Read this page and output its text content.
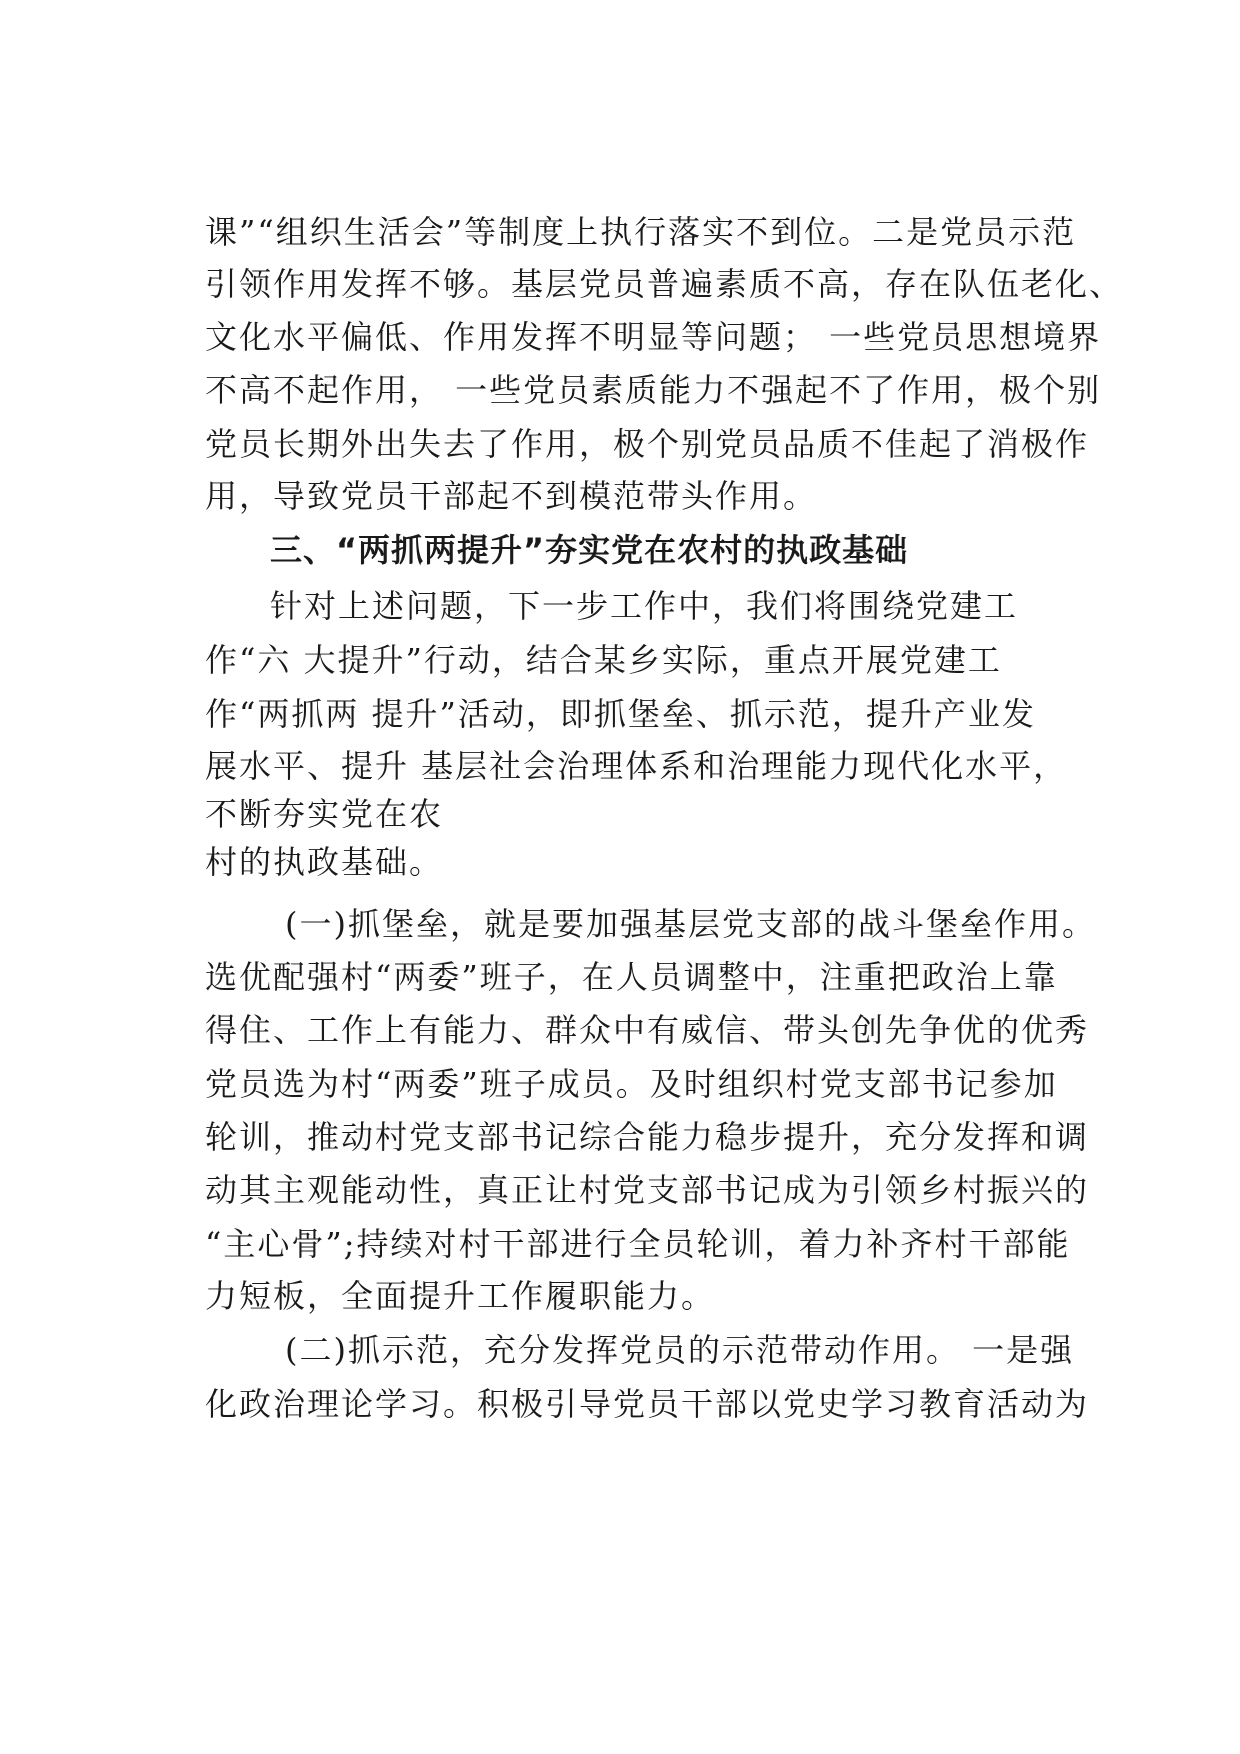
课”“组织生活会”等制度上执行落实不到位。二是党员示范
引领作用发挥不够。基层党员普遍素质不高，存在队伍老化、
文化水平偏低、作用发挥不明显等问题； 一些党员思想境界
不高不起作用， 一些党员素质能力不强起不了作用，极个别
党员长期外出失去了作用，极个别党员品质不佳起了消极作
用，导致党员干部起不到模范带头作用。
三、“两抓两提升”夯实党在农村的执政基础
针对上述问题，下一步工作中，我们将围绕党建工
作“六 大提升”行动，结合某乡实际，重点开展党建工
作“两抓两 提升”活动，即抓堡垒、抓示范，提升产业发
展水平、提升 基层社会治理体系和治理能力现代化水平，
不断夯实党在农
村的执政基础。
(一)抓堡垒，就是要加强基层党支部的战斗堡垒作用。
选优配强村“两委”班子，在人员调整中，注重把政治上靠
得住、工作上有能力、群众中有威信、带头创先争优的优秀
党员选为村“两委”班子成员。及时组织村党支部书记参加
轮训，推动村党支部书记综合能力稳步提升，充分发挥和调
动其主观能动性，真正让村党支部书记成为引领乡村振兴的
“主心骨”;持续对村干部进行全员轮训，着力补齐村干部能
力短板，全面提升工作履职能力。
(二)抓示范，充分发挥党员的示范带动作用。 一是强
化政治理论学习。积极引导党员干部以党史学习教育活动为
